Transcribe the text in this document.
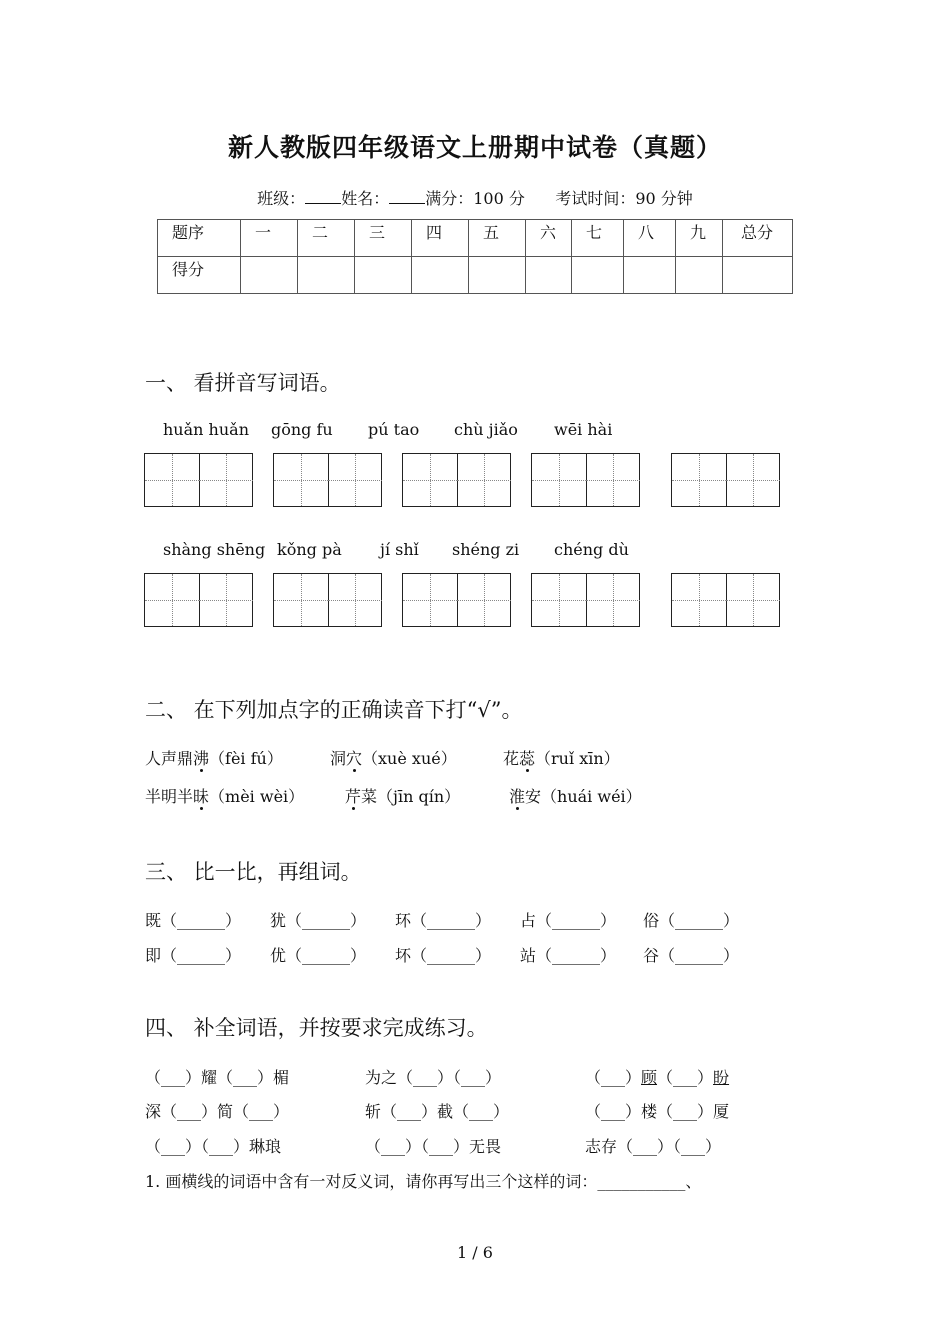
新人教版四年级语文上册期中试卷（真题）
班级： 姓名： 满分：100 分 考试时间：90 分钟
题序	一	二	三	四	五	六	七	八	九	总分
得分										
一、 看拼音写词语。
huǎn huǎn gōng fu pú tao chù jiǎo wēi hài
shàng shēng kǒng pà jí shǐ shéng zi chéng dù
二、 在下列加点字的正确读音下打“√”。
人声鼎沸（fèi fú）	洞穴（xuè xué）	花蕊（ruǐ xīn）
半明半昧（mèi wèi）	芹菜（jīn qín）	淮安（huái wéi）
三、 比一比，再组词。
既（______） 犹（______） 环（______） 占（______） 俗（______）
即（______） 优（______） 坏（______） 站（______） 谷（______）
四、 补全词语，并按要求完成练习。
（___）耀（___）楣	为之（___）（___）	（___）顾（___）盼
深（___）简（___）	斩（___）截（___）	（___）楼（___）厦
（___）（___）琳琅	（___）（___）无畏	志存（___）（___）
1. 画横线的词语中含有一对反义词，请你再写出三个这样的词：___________、
1 / 6
